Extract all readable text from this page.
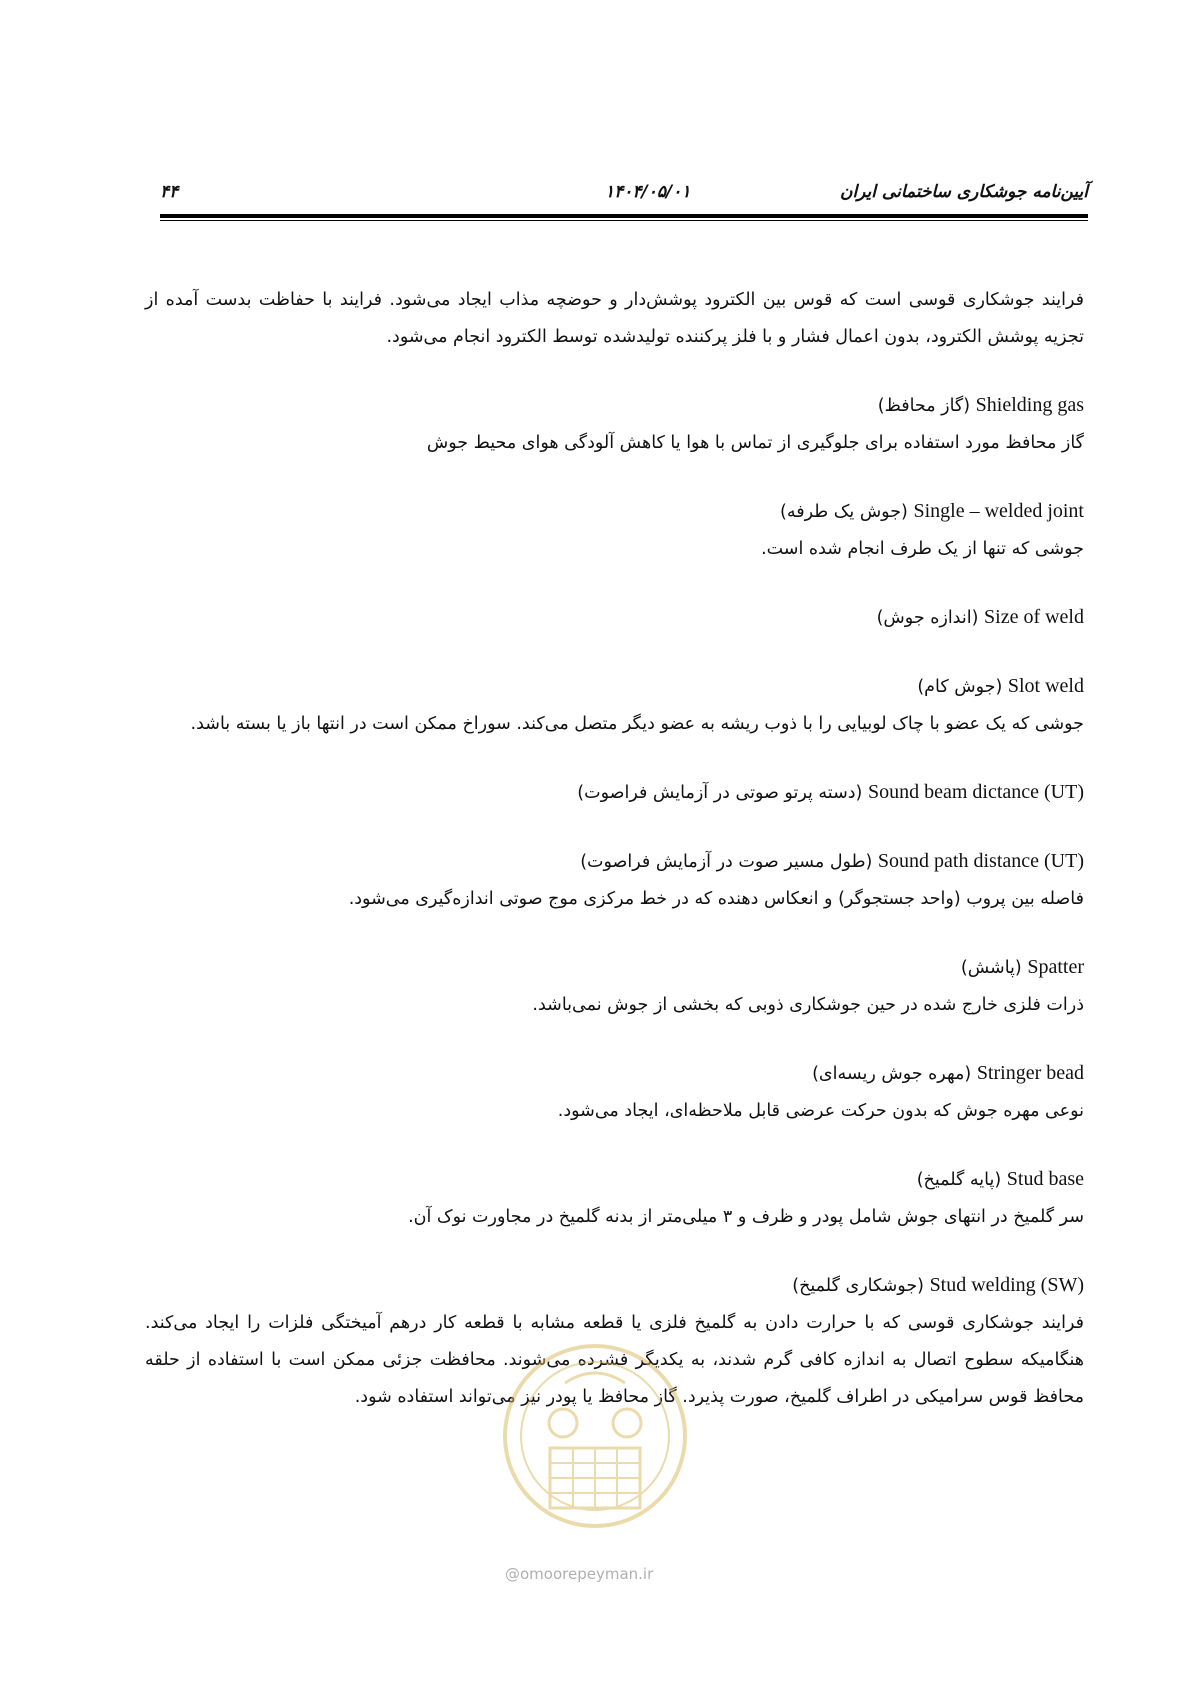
۴۴	۱۴۰۴/۰۵/۰۱	آیین‌نامه جوشکاری ساختمانی ایران

فرایند جوشکاری قوسی است که قوس بین الکترود پوشش‌دار و حوضچه مذاب ایجاد می‌شود. فرایند با حفاظت بدست آمده از تجزیه پوشش الکترود، بدون اعمال فشار و با فلز پرکننده تولیدشده توسط الکترود انجام می‌شود.

Shielding gas (گاز محافظ)

گاز محافظ مورد استفاده برای جلوگیری از تماس با هوا یا کاهش آلودگی هوای محیط جوش

Single – welded joint (جوش یک طرفه)

جوشی که تنها از یک طرف انجام شده است.

Size of weld (اندازه جوش)

Slot weld (جوش کام)

جوشی که یک عضو با چاک لوبیایی را با ذوب ریشه به عضو دیگر متصل می‌کند. سوراخ ممکن است در انتها باز یا بسته باشد.

Sound beam dictance (UT) (دسته پرتو صوتی در آزمایش فراصوت)

Sound path distance (UT) (طول مسیر صوت در آزمایش فراصوت)

فاصله بین پروب (واحد جستجوگر) و انعکاس دهنده که در خط مرکزی موج صوتی اندازه‌گیری می‌شود.

Spatter (پاشش)

ذرات فلزی خارج شده در حین جوشکاری ذوبی که بخشی از جوش نمی‌باشد.

Stringer bead (مهره جوش ریسه‌ای)

نوعی مهره جوش که بدون حرکت عرضی قابل ملاحظه‌ای، ایجاد می‌شود.

Stud base (پایه گلمیخ)

سر گلمیخ در انتهای جوش شامل پودر و ظرف و ۳ میلی‌متر از بدنه گلمیخ در مجاورت نوک آن.

Stud welding (SW) (جوشکاری گلمیخ)

فرایند جوشکاری قوسی که با حرارت دادن به گلمیخ فلزی یا قطعه مشابه با قطعه کار درهم آمیختگی فلزات را ایجاد می‌کند. هنگامیکه سطوح اتصال به اندازه کافی گرم شدند، به یکدیگر فشرده می‌شوند. محافظت جزئی ممکن است با استفاده از حلقه محافظ قوس سرامیکی در اطراف گلمیخ، صورت پذیرد. گاز محافظ یا پودر نیز می‌تواند استفاده شود.

@omoorepeyman.ir
